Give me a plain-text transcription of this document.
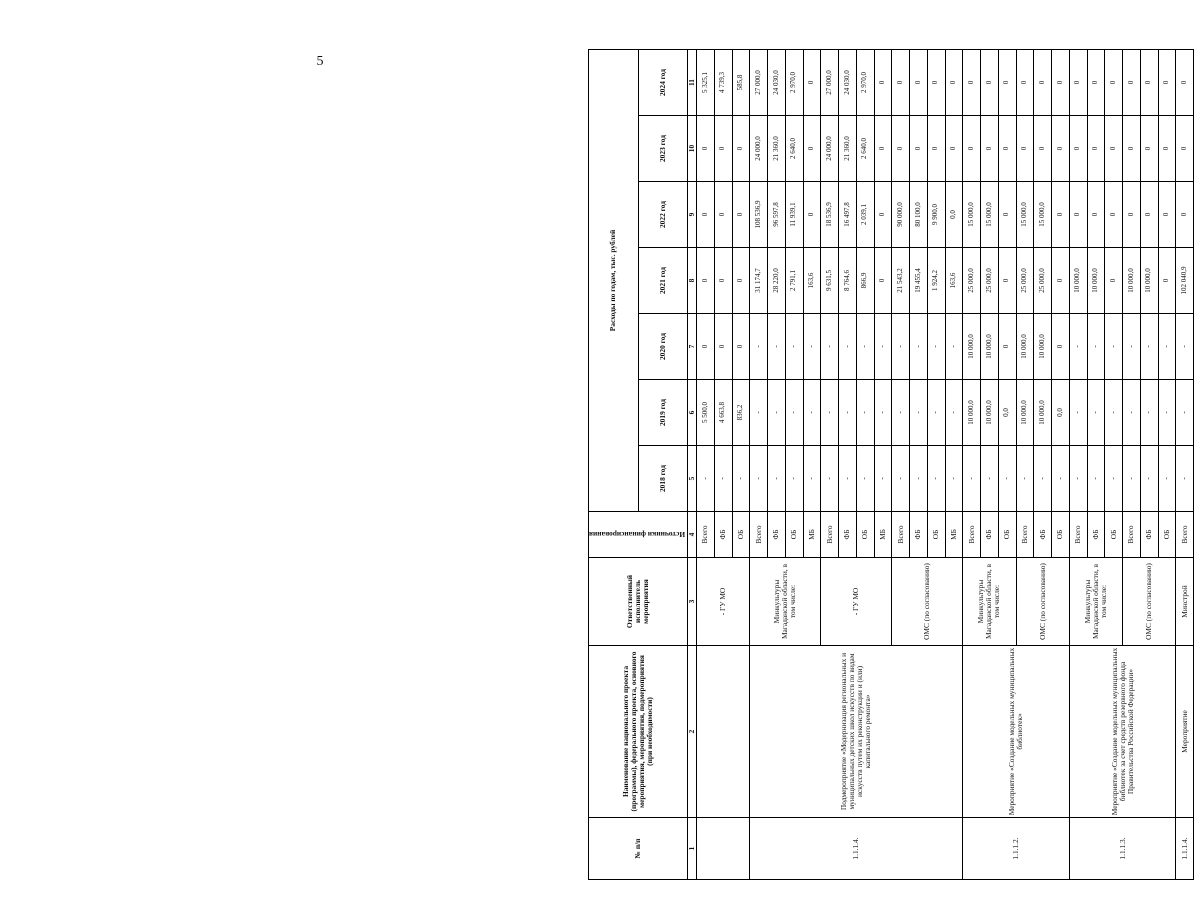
5
№ п/п	Наименование национального проекта (программы), федерального проекта, основного мероприятия, мероприятия, подмероприятия (при необходимости)	Ответственный исполнитель мероприятия	Источники финансирования	Расходы по годам, тыс. рублей						
				2018 год	2019 год	2020 год	2021 год	2022 год	2023 год	2024 год
1	2	3	4	5	6	7	8	9	10	11
		- ГУ МО	Всего	-	5 500,0	0	0	0	0	5 325,1
			ФБ	-	4 663,8	0	0	0	0	4 739,3
			ОБ	-	836,2	0	0	0	0	585,8
1.1.1.4.	Подмероприятие «Модернизация региональных и муниципальных детских школ искусств по видам искусств путем их реконструкции и (или) капитального ремонта»	Минкультуры Магаданской области, в том числе:	Всего	-	-	-	31 174,7	108 536,9	24 000,0	27 000,0
			ФБ	-	-	-	28 220,0	96 597,8	21 360,0	24 030,0
			ОБ	-	-	-	2 791,1	11 939,1	2 640,0	2 970,0
			МБ	-	-	-	163,6	0	0	0
		- ГУ МО	Всего	-	-	-	9 631,5	18 536,9	24 000,0	27 000,0
			ФБ	-	-	-	8 764,6	16 497,8	21 360,0	24 030,0
			ОБ	-	-	-	866,9	2 039,1	2 640,0	2 970,0
			МБ	-	-	-	0	0	0	0
		ОМС (по согласованию)	Всего	-	-	-	21 543,2	90 000,0	0	0
			ФБ	-	-	-	19 455,4	80 100,0	0	0
			ОБ	-	-	-	1 924,2	9 900,0	0	0
			МБ	-	-	-	163,6	0,0	0	0
1.1.1.2.	Мероприятие «Создание модельных муниципальных библиотек»	Минкультуры Магаданской области, в том числе:	Всего	-	10 000,0	10 000,0	25 000,0	15 000,0	0	0
			ФБ	-	10 000,0	10 000,0	25 000,0	15 000,0	0	0
			ОБ	-	0,0	0	0	0	0	0
		ОМС (по согласованию)	Всего	-	10 000,0	10 000,0	25 000,0	15 000,0	0	0
			ФБ	-	10 000,0	10 000,0	25 000,0	15 000,0	0	0
			ОБ	-	0,0	0	0	0	0	0
1.1.1.3.	Мероприятие «Создание модельных муниципальных библиотек за счет средств резервного фонда Правительства Российской Федерации»	Минкультуры Магаданской области, в том числе:	Всего	-	-	-	10 000,0	0	0	0
			ФБ	-	-	-	10 000,0	0	0	0
			ОБ	-	-	-	0	0	0	0
		ОМС (по согласованию)	Всего	-	-	-	10 000,0	0	0	0
			ФБ	-	-	-	10 000,0	0	0	0
			ОБ	-	-	-	0	0	0	0
1.1.1.4.	Мероприятие	Минстрой	Всего	-	-	-	102 040,9	0	0	0
